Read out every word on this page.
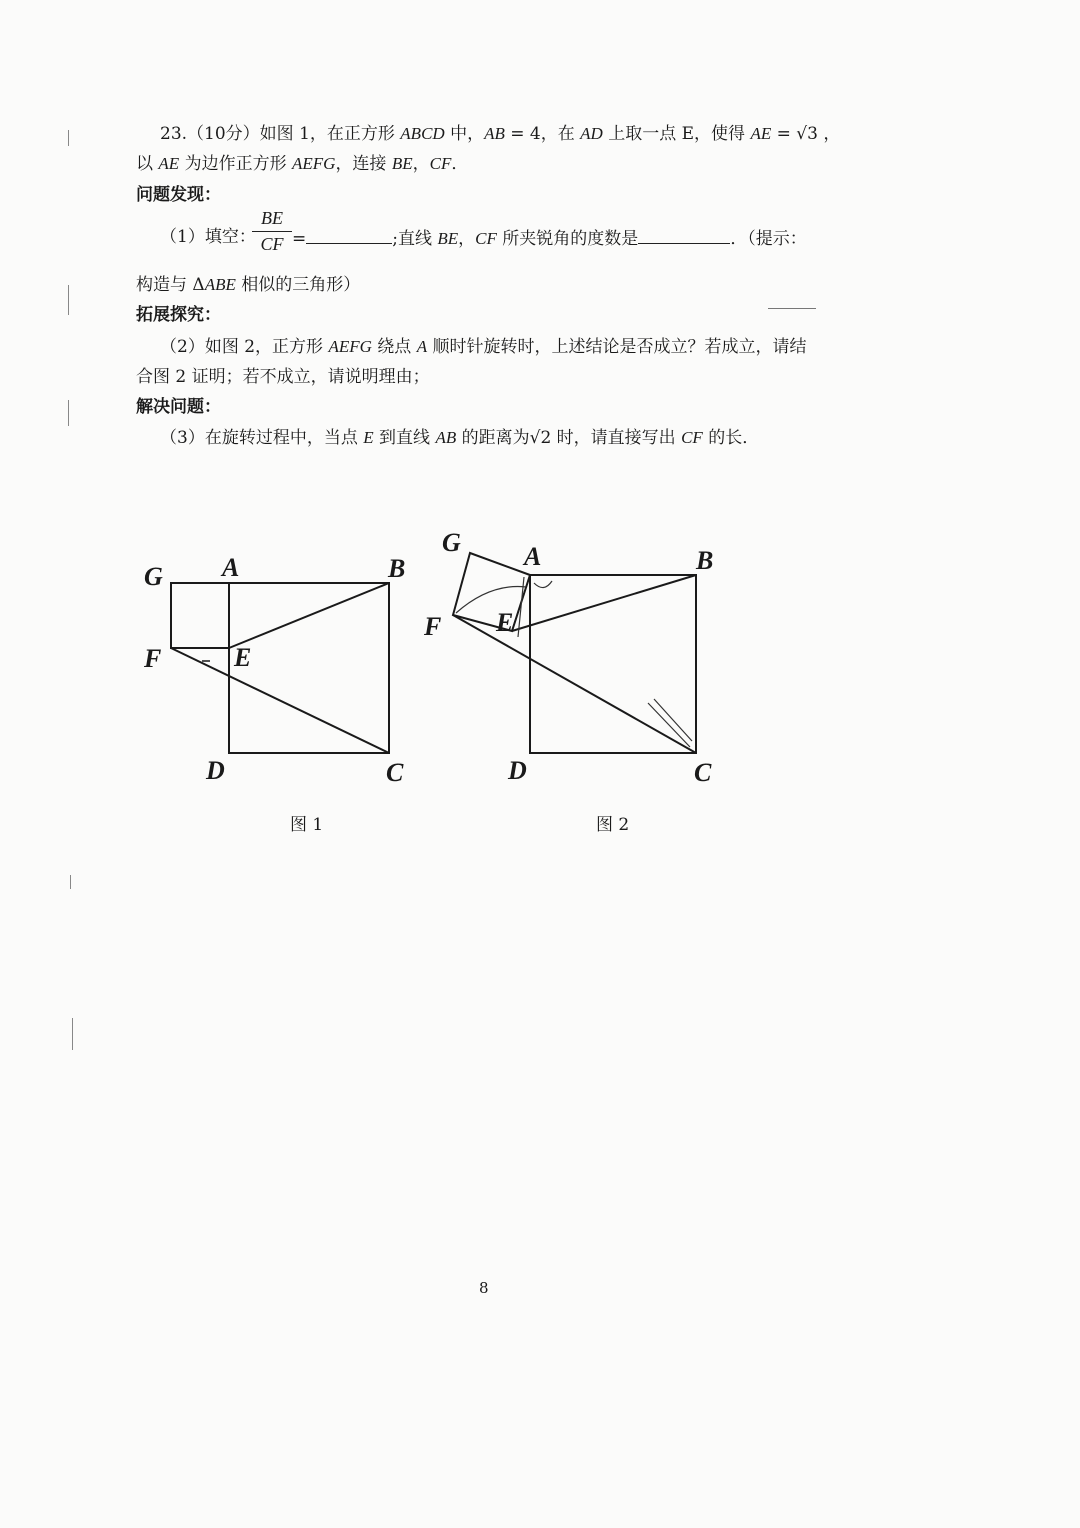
23.（10分）如图 1，在正方形 ABCD 中，AB = 4，在 AD 上取一点 E，使得 AE = √3 ，
以 AE 为边作正方形 AEFG，连接 BE，CF．
问题发现：
（1）填空：
BE
CF =	;直线 BE，CF 所夹锐角的度数是	．（提示：
构造与 ΔABE 相似的三角形）
拓展探究：
（2）如图 2，正方形 AEFG 绕点 A 顺时针旋转时，上述结论是否成立？若成立，请结
合图 2 证明；若不成立，请说明理由；
解决问题：
（3）在旋转过程中，当点 E 到直线 AB 的距离为√2 时，请直接写出 CF 的长．
G A	B
F	E
D	C
图 1
G A	B
F E
D	C
图 2
8
